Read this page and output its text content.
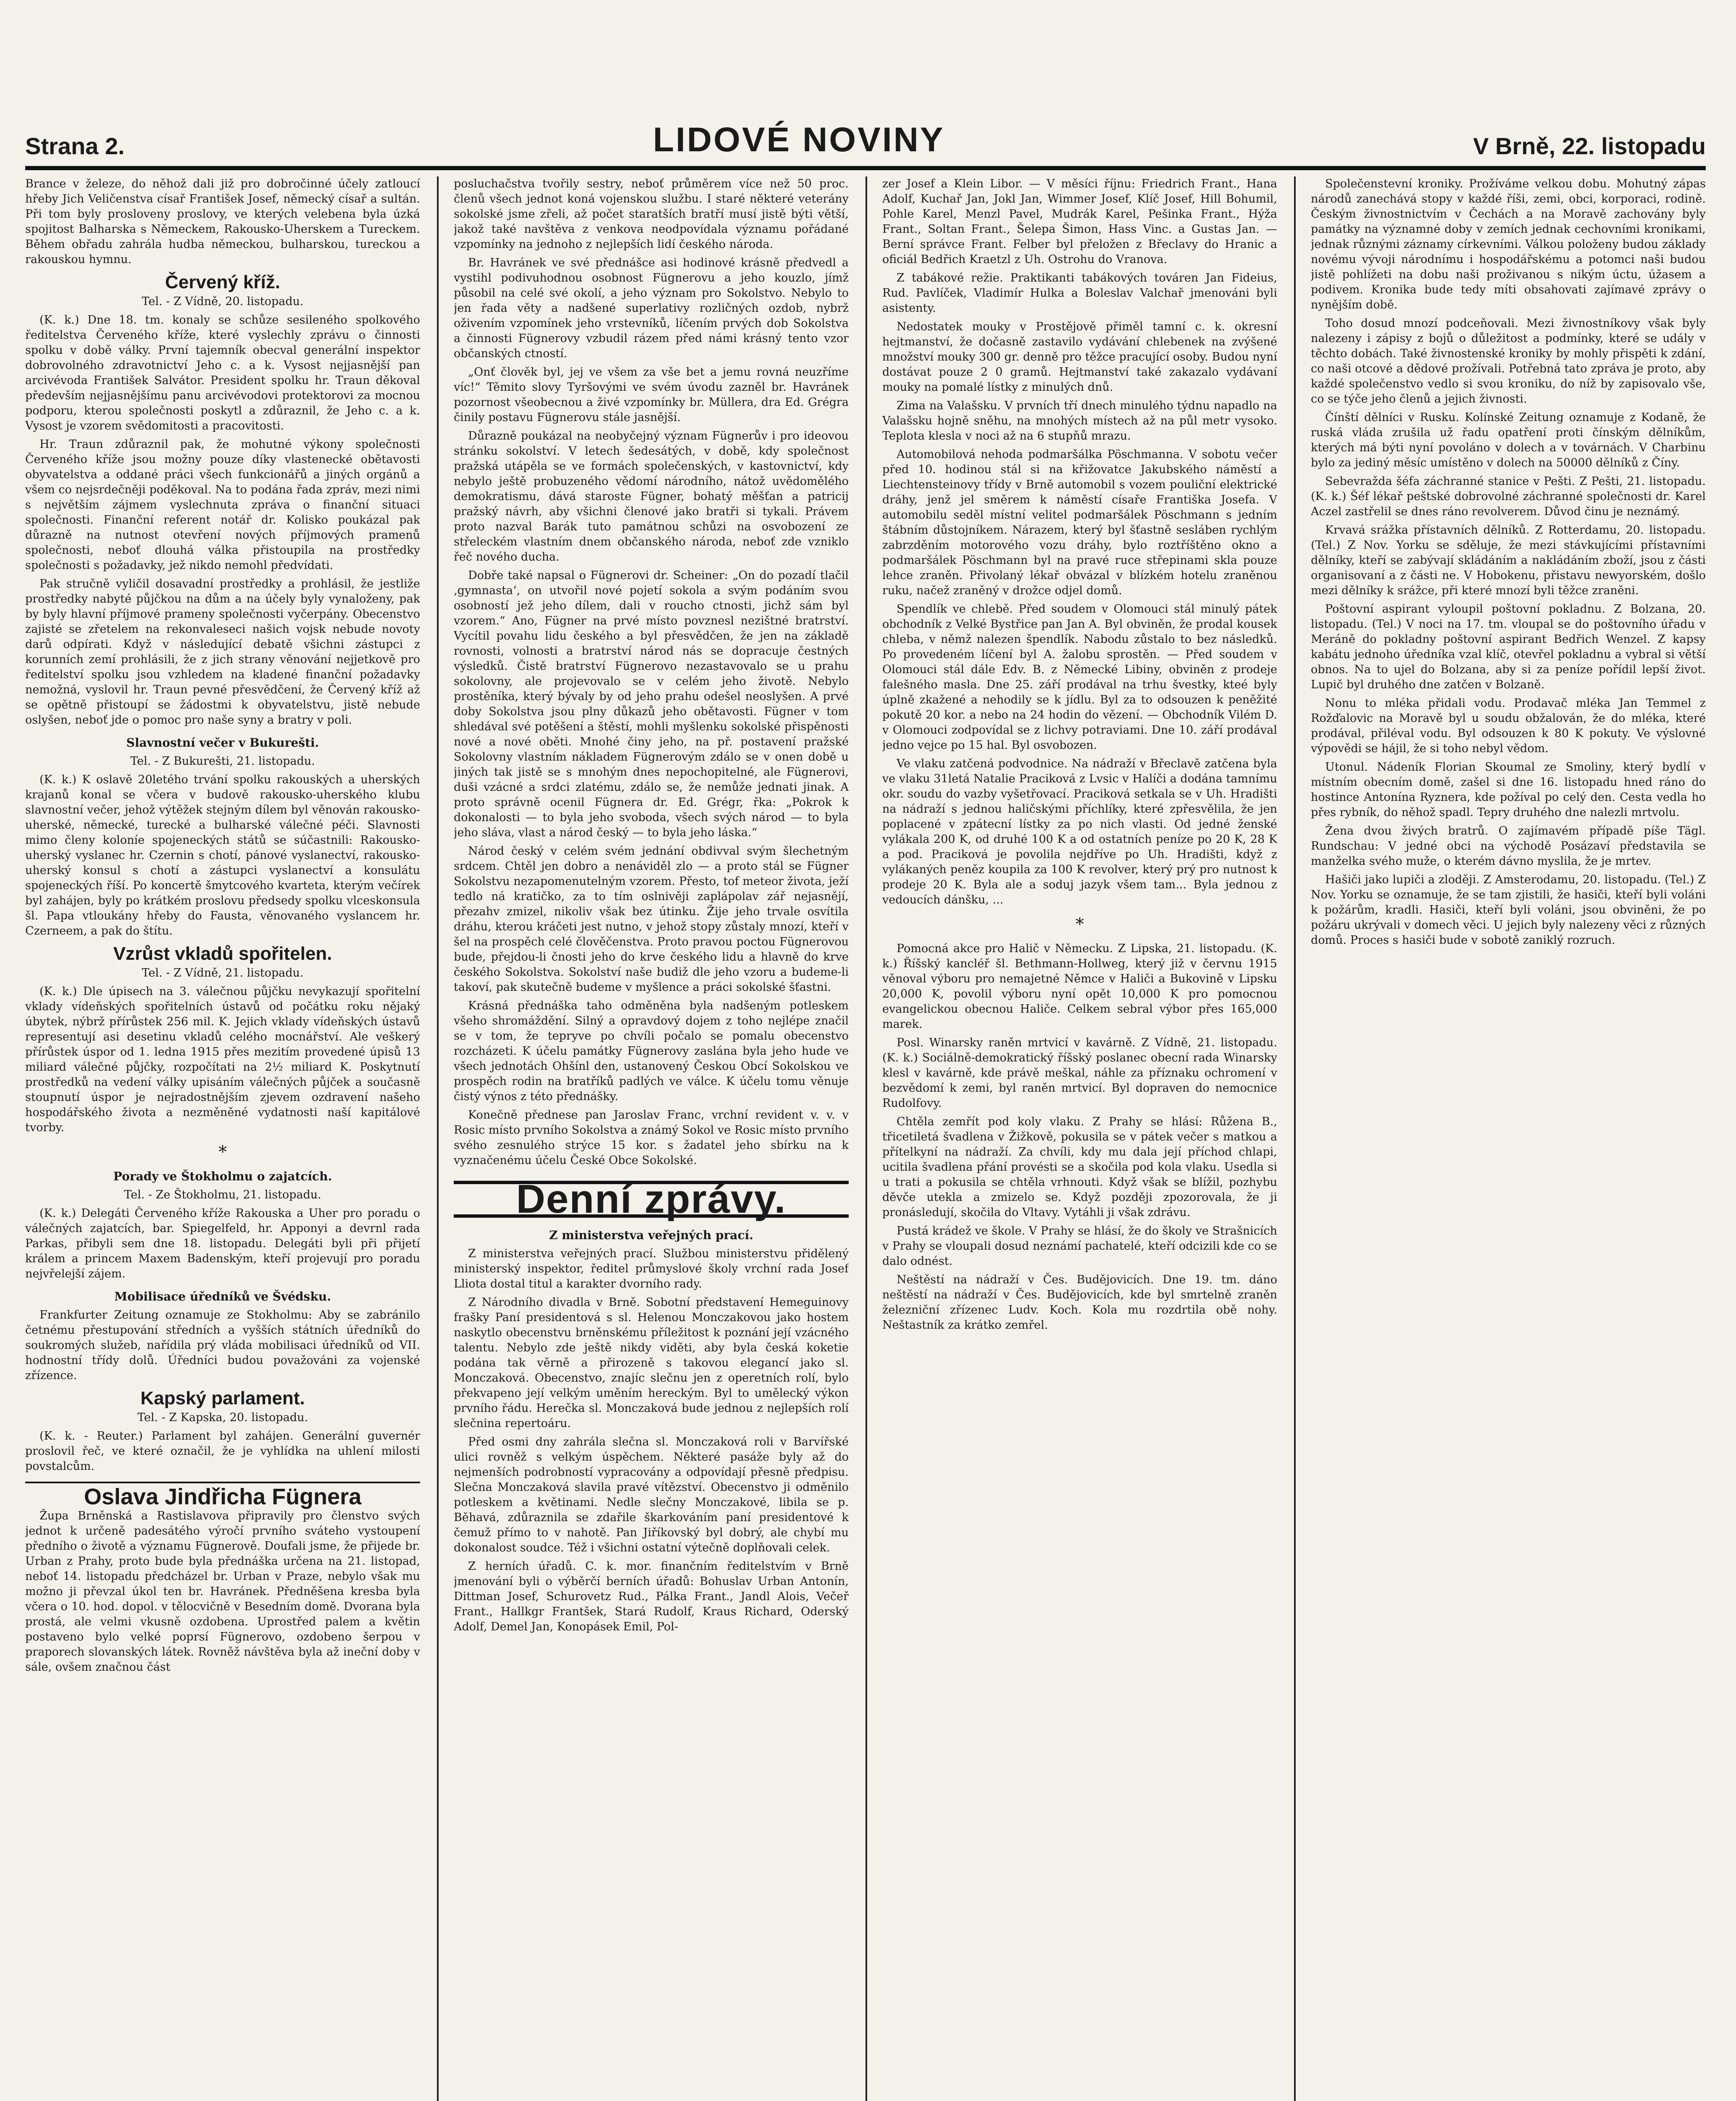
Strana 2.	LIDOVÉ NOVINY	V Brně, 22. listopadu

Brance v železe, do něhož dali již pro dobročinné účely zatloucí hřeby Jich Veličenstva císař František Josef, německý císař a sultán. Při tom byly prosloveny proslovy, ve kterých velebena byla úzká spojitost Balharska s Německem, Rakousko-Uherskem a Tureckem. Během obřadu zahrála hudba německou, bulharskou, tureckou a rakouskou hymnu.

Červený kříž.
Tel. - Z Vídně, 20. listopadu.

(K. k.) Dne 18. tm. konaly se schůze sesileného spolkového ředitelstva Červeného kříže, které vyslechly zprávu o činnosti spolku v době války. První tajemník obecval generální inspektor dobrovolného zdravotnictví Jeho c. a k. Vysost nejjasnější pan arcivévoda František Salvátor. President spolku hr. Traun děkoval především nejjasnějšímu panu arcivévodovi protektorovi za mocnou podporu, kterou společnosti poskytl a zdůraznil, že Jeho c. a k. Vysost je vzorem svědomitosti a pracovitosti.

Hr. Traun zdůraznil pak, že mohutné výkony společnosti Červeného kříže jsou možny pouze díky vlastenecké obětavosti obyvatelstva a oddané práci všech funkcionářů a jiných orgánů a všem co nejsrdečněji poděkoval. Na to podána řada zpráv, mezi nimi s největším zájmem vyslechnuta zpráva o finanční situaci společnosti. Finanční referent notář dr. Kolisko poukázal pak důrazně na nutnost otevření nových příjmových pramenů společnosti, neboť dlouhá válka přistoupila na prostředky společnosti s požadavky, jež nikdo nemohl předvídati.

Pak stručně vyličil dosavadní prostředky a prohlásil, že jestliže prostředky nabyté půjčkou na dům a na účely byly vynaloženy, pak by byly hlavní příjmové prameny společnosti vyčerpány. Obecenstvo zajisté se zřetelem na rekonvaleseci našich vojsk nebude novoty darů odpírati. Když v následující debatě všichni zástupci z korunních zemí prohlásili, že z jich strany věnování nejjetkově pro ředitelství spolku jsou vzhledem na kladené finanční požadavky nemožná, vyslovil hr. Traun pevné přesvědčení, že Červený kříž až se opětně přistoupí se žádostmi k obyvatelstvu, jistě nebude oslyšen, neboť jde o pomoc pro naše syny a bratry v poli.

Slavnostní večer v Bukurešti.
Tel. - Z Bukurešti, 21. listopadu.

(K. k.) K oslavě 20letého trvání spolku rakouských a uherských krajanů konal se včera v budově rakousko-uherského klubu slavnostní večer, jehož výtěžek stejným dílem byl věnován rakousko-uherské, německé, turecké a bulharské válečné péči. Slavnosti mimo členy koloníe spojeneckých států se súčastnili: Rakousko-uherský vyslanec hr. Czernin s chotí, pánové vyslanectví, rakousko-uherský konsul s chotí a zástupci vyslanectví a konsulátu spojeneckých říší. Po koncertě šmytcového kvarteta, kterým večírek byl zahájen, byly po krátkém proslovu předsedy spolku vlceskonsula šl. Papa vtloukány hřeby do Fausta, věnovaného vyslancem hr. Czerneem, a pak do štítu.

Vzrůst vkladů spořitelen.
Tel. - Z Vídně, 21. listopadu.

(K. k.) Dle úpisech na 3. válečnou půjčku nevykazují spořitelní vklady vídeňských spořitelních ústavů od počátku roku nějaký úbytek, nýbrž přírůstek 256 mil. K. Jejich vklady vídeňských ústavů representují asi desetinu vkladů celého mocnářství. Ale veškerý přírůstek úspor od 1. ledna 1915 přes mezitím provedené úpisů 13 miliard válečné půjčky, rozpočítati na 2½ miliard K. Poskytnutí prostředků na vedení války upisáním válečných půjček a současně stoupnutí úspor je nejradostnějším zjevem ozdravení našeho hospodářského života a nezměněné vydatnosti naší kapitálové tvorby.

*
Porady ve Štokholmu o zajatcích.
Tel. - Ze Štokholmu, 21. listopadu.

(K. k.) Delegáti Červeného kříže Rakouska a Uher pro poradu o válečných zajatcích, bar. Spiegelfeld, hr. Apponyi a devrnl rada Parkas, přibyli sem dne 18. listopadu. Delegáti byli při přijetí králem a princem Maxem Badenským, kteří projevují pro poradu nejvřelejší zájem.

Mobilisace úředníků ve Švédsku.

Frankfurter Zeitung oznamuje ze Stokholmu: Aby se zabránilo četnému přestupování středních a vyšších státních úředníků do soukromých služeb, nařídila prý vláda mobilisaci úředníků od VII. hodnostní třídy dolů. Úředníci budou považováni za vojenské zřízence.

Kapský parlament.
Tel. - Z Kapska, 20. listopadu.

(K. k. - Reuter.) Parlament byl zahájen. Generální guvernér proslovil řeč, ve které označil, že je vyhlídka na uhlení milosti povstalcům.

Oslava Jindřicha Fügnera

Župa Brněnská a Rastislavova připravily pro členstvo svých jednot k určeně padesátého výročí prvního sváteho vystoupení předního o životě a významu Fügnerově. Doufali jsme, že přijede br. Urban z Prahy, proto bude byla přednáška určena na 21. listopad, neboť 14. listopadu předcházel br. Urban v Praze, nebylo však mu možno ji převzal úkol ten br. Havránek. Předněšena kresba byla včera o 10. hod. dopol. v tělocvičně v Besedním domě. Dvorana byla prostá, ale velmi vkusně ozdobena. Uprostřed palem a květin postaveno bylo velké poprsí Fügnerovo, ozdobeno šerpou v praporech slovanských látek. Rovněž návštěva byla až ineční doby v sále, ovšem značnou část

posluchačstva tvořily sestry, neboť průměrem více než 50 proc. členů všech jednot koná vojenskou službu. I staré některé veterány sokolské jsme zřeli, až počet staratších bratří musí jistě býti větší, jakož také navštěva z venkova neodpovídala významu pořádané vzpomínky na jednoho z nejlepších lidí českého národa.

Br. Havránek ve své přednášce asi hodinové krásně předvedl a vystihl podivuhodnou osobnost Fügnerovu a jeho kouzlo, jímž působil na celé své okolí, a jeho význam pro Sokolstvo. Nebylo to jen řada věty a nadšené superlativy rozličných ozdob, nybrž oživením vzpomínek jeho vrstevníků, líčením prvých dob Sokolstva a činnosti Fügnerovy vzbudil rázem před námi krásný tento vzor občanských ctností.

„Onť člověk byl, jej ve všem za vše bet a jemu rovná neuzříme víc!“ Těmito slovy Tyršovými ve svém úvodu zazněl br. Havránek pozornost všeobecnou a živé vzpomínky br. Müllera, dra Ed. Grégra činily postavu Fügnerovu stále jasnější.

Důrazně poukázal na neobyčejný význam Fügnerův i pro ideovou stránku sokolství. V letech šedesátých, v době, kdy společnost pražská utápěla se ve formách společenských, v kastovnictví, kdy nebylo ještě probuzeného vědomí národního, nátož uvědomělého demokratismu, dává staroste Fügner, bohatý měšťan a patricij pražský návrh, aby všichni členové jako bratři si tykali. Právem proto nazval Barák tuto památnou schůzi na osvobození ze střeleckém vlastním dnem občanského národa, neboť zde vzniklo řeč nového ducha.

Dobře také napsal o Fügnerovi dr. Scheiner: „On do pozadí tlačil ‚gymnasta‘, on utvořil nové pojetí sokola a svým podáním svou osobností jež jeho dílem, dali v roucho ctnosti, jichž sám byl vzorem.“ Ano, Fügner na prvé místo povznesl nezištné bratrství. Vycítil povahu lidu českého a byl přesvědčen, že jen na základě rovnosti, volnosti a bratrství národ nás se dopracuje čestných výsledků. Čistě bratrství Fügnerovo nezastavovalo se u prahu sokolovny, ale projevovalo se v celém jeho životě. Nebylo prostěníka, který bývaly by od jeho prahu odešel neoslyšen. A prvé doby Sokolstva jsou plny důkazů jeho obětavosti. Fügner v tom shledával své potěšení a štěstí, mohli myšlenku sokolské přispěnosti nové a nové oběti. Mnohé činy jeho, na př. postavení pražské Sokolovny vlastním nákladem Fügnerovým zdálo se v onen době u jiných tak jistě se s mnohým dnes nepochopitelné, ale Fügnerovi, duši vzácné a srdci zlatému, zdálo se, že nemůže jednati jinak. A proto správně ocenil Fügnera dr. Ed. Grégr, řka: „Pokrok k dokonalosti — to byla jeho svoboda, všech svých národ — to byla jeho sláva, vlast a národ český — to byla jeho láska.“

Národ český v celém svém jednání obdivval svým šlechetným srdcem. Chtěl jen dobro a nenáviděl zlo — a proto stál se Fügner Sokolstvu nezapomenutelným vzorem. Přesto, tof meteor života, ježí tedlo ná kratičko, za to tím oslnivěji zaplápolav zář nejasnějí, přezahv zmizel, nikoliv však bez útinku. Žije jeho trvale osvítila dráhu, kterou kráčeti jest nutno, v jehož stopy zůstaly mnozí, kteří v šel na prospěch celé člověčenstva. Proto pravou poctou Fügnerovou bude, přejdou-li čnosti jeho do krve českého lidu a hlavně do krve českého Sokolstva. Sokolství naše budiž dle jeho vzoru a budeme-li takoví, pak skutečně budeme v myšlence a práci sokolské šťastni.

Krásná přednáška taho odměněna byla nadšeným potleskem všeho shromáždění. Silný a opravdový dojem z toho nejlépe značil se v tom, že tepryve po chvíli počalo se pomalu obecenstvo rozcházeti. K účelu památky Fügnerovy zaslána byla jeho hude ve všech jednotách Ohšínl den, ustanovený Českou Obcí Sokolskou ve prospěch rodin na bratříků padlých ve válce. K účelu tomu věnuje čistý výnos z této přednášky.

Konečně přednese pan Jaroslav Franc, vrchní revident v. v. v Rosic místo prvního Sokolstva a známý Sokol ve Rosic místo prvního svého zesnulého strýce 15 kor. s žadatel jeho sbírku na k vyznačenému účelu České Obce Sokolské.

Denní zprávy.
Z ministerstva veřejných prací.

Z ministerstva veřejných prací. Službou ministerstvu přidělený ministerský inspektor, ředitel průmyslové školy vrchní rada Josef Lliota dostal titul a karakter dvorního rady.

Z Národního divadla v Brně. Sobotní představení Hemeguinovy frašky Paní presidentová s sl. Helenou Monczakovou jako hostem naskytlo obecenstvu brněnskému příležitost k poznání její vzácného talentu. Nebylo zde ještě nikdy viděti, aby byla česká koketie podána tak věrně a přirozeně s takovou elegancí jako sl. Monczaková. Obecenstvo, znajíc slečnu jen z operetních rolí, bylo překvapeno její velkým uměním hereckým. Byl to umělecký výkon prvního řádu. Herečka sl. Monczaková bude jednou z nejlepších rolí slečnina repertoáru.

Před osmi dny zahrála slečna sl. Monczaková roli v Barvířské ulici rovněž s velkým úspěchem. Některé pasáže byly až do nejmenších podrobností vypracovány a odpovídají přesně předpisu. Slečna Monczaková slavila pravé vítězství. Obecenstvo ji odměnilo potleskem a květinami. Nedle slečny Monczakové, libila se p. Běhavá, zdůraznila se zdařile škarkováním paní presidentové k čemuž přímo to v nahotě. Pan Jiříkovský byl dobrý, ale chybí mu dokonalost soudce. Též i všichni ostatní výtečně doplňovali celek.

Z herních úřadů. C. k. mor. finančním ředitelstvím v Brně jmenování byli o výběrčí berních úřadů: Bohuslav Urban Antonín, Dittman Josef, Schurovetz Rud., Pálka Frant., Jandl Alois, Večeř Frant., Hallkgr Frantšek, Stará Rudolf, Kraus Richard, Oderský Adolf, Demel Jan, Konopásek Emil, Pol-

zer Josef a Klein Libor. — V měsíci říjnu: Friedrich Frant., Hana Adolf, Kuchař Jan, Jokl Jan, Wimmer Josef, Klíč Josef, Hill Bohumil, Pohle Karel, Menzl Pavel, Mudrák Karel, Pešinka Frant., Hýža Frant., Soltan Frant., Šelepa Šimon, Hass Vinc. a Gustas Jan. — Berní správce Frant. Felber byl přeložen z Břeclavy do Hranic a oficiál Bedřich Kraetzl z Uh. Ostrohu do Vranova.

Z tabákové režie. Praktikanti tabákových továren Jan Fideius, Rud. Pavlíček, Vladimír Hulka a Boleslav Valchař jmenováni byli asistenty.

Nedostatek mouky v Prostějově přiměl tamní c. k. okresní hejtmanství, že dočasně zastavilo vydávání chlebenek na zvýšené množství mouky 300 gr. denně pro těžce pracující osoby. Budou nyní dostávat pouze 2 0 gramů. Hejtmanství také zakazalo vydávaní mouky na pomalé lístky z minulých dnů.

Zima na Valašsku. V prvních tří dnech minulého týdnu napadlo na Valašsku hojně sněhu, na mnohých místech až na půl metr vysoko. Teplota klesla v noci až na 6 stupňů mrazu.

Automobilová nehoda podmaršálka Pöschmanna. V sobotu večer před 10. hodinou stál si na křižovatce Jakubského náměstí a Liechtensteinovy třídy v Brně automobil s vozem pouliční elektrické dráhy, jenž jel směrem k náměstí císaře Františka Josefa. V automobilu seděl místní velitel podmaršálek Pöschmann s jedním štábním důstojníkem. Nárazem, který byl šťastně sesláben rychlým zabrzděním motorového vozu dráhy, bylo roztříštěno okno a podmaršálek Pöschmann byl na pravé ruce střepinami skla pouze lehce zraněn. Přivolaný lékař obvázal v blízkém hotelu zraněnou ruku, načež zraněný v drožce odjel domů.

Spendlík ve chlebě. Před soudem v Olomouci stál minulý pátek obchodník z Velké Bystřice pan Jan A. Byl obviněn, že prodal kousek chleba, v němž nalezen špendlík. Nabodu zůstalo to bez následků. Po provedeném líčení byl A. žalobu sprostěn. — Před soudem v Olomouci stál dále Edv. B. z Německé Libiny, obviněn z prodeje falešného masla. Dne 25. září prodával na trhu švestky, kteé byly úplně zkažené a nehodily se k jídlu. Byl za to odsouzen k peněžité pokutě 20 kor. a nebo na 24 hodin do vězení. — Obchodník Vilém D. v Olomouci zodpovídal se z lichvy potraviami. Dne 10. září prodával jedno vejce po 15 hal. Byl osvobozen.

Ve vlaku zatčená podvodnice. Na nádraží v Břeclavě zatčena byla ve vlaku 31letá Natalie Praciková z Lvsic v Halíči a dodána tamnímu okr. soudu do vazby vyšetřovací. Praciková setkala se v Uh. Hradišti na nádraží s jednou haličskými příchlíky, které zpřesvělila, že jen poplacené v zpátecní lístky za po nich vlasti. Od jedné ženské vylákala 200 K, od druhé 100 K a od ostatních peníze po 20 K, 28 K a pod. Praciková je povolila nejdříve po Uh. Hradišti, když z vylákaných peněz koupila za 100 K revolver, který prý pro nutnost k prodeje 20 K. Byla ale a soduj jazyk všem tam... Byla jednou z vedoucích dánšku, ...

*

Pomocná akce pro Halič v Německu. Z Lipska, 21. listopadu. (K. k.) Říšský kancléř šl. Bethmann-Hollweg, který již v červnu 1915 věnoval výboru pro nemajetné Němce v Haliči a Bukovině v Lipsku 20,000 K, povolil výboru nyní opět 10,000 K pro pomocnou evangelickou obecnou Haliče. Celkem sebral výbor přes 165,000 marek.

Posl. Winarsky raněn mrtvicí v kavárně. Z Vídně, 21. listopadu. (K. k.) Sociálně-demokratický říšský poslanec obecní rada Winarsky klesl v kavárně, kde právě meškal, náhle za příznaku ochromení v bezvědomí k zemi, byl raněn mrtvicí. Byl dopraven do nemocnice Rudolfovy.

Chtěla zemřít pod koly vlaku. Z Prahy se hlásí: Růžena B., třicetiletá švadlena v Žižkově, pokusila se v pátek večer s matkou a přítelkyní na nádraží. Za chvíli, kdy mu dala její příchod chlapi, ucitila švadlena přání provésti se a skočila pod kola vlaku. Usedla si u trati a pokusila se chtěla vrhnouti. Když však se blížil, pozhybu děvče utekla a zmizelo se. Když později zpozorovala, že ji pronásledují, skočila do Vltavy. Vytáhli ji však zdrávu.

Pustá krádež ve škole. V Prahy se hlásí, že do školy ve Strašnicích v Prahy se vloupali dosud neznámí pachatelé, kteří odcizili kde co se dalo odnést.

Neštěstí na nádraží v Čes. Budějovicích. Dne 19. tm. dáno neštěstí na nádraží v Čes. Budějovicích, kde byl smrtelně zraněn železniční zřízenec Ludv. Koch. Kola mu rozdrtila obě nohy. Neštastník za krátko zemřel.

Společenstevní kroniky. Prožíváme velkou dobu. Mohutný zápas národů zanechává stopy v každé říši, zemi, obci, korporaci, rodině. Českým živnostnictvím v Čechách a na Moravě zachovány byly památky na významné doby v zemích jednak cechovními kronikami, jednak různými záznamy církevními. Válkou položeny budou základy novému vývoji národnímu i hospodářskému a potomci naši budou jistě pohlížeti na dobu naši proživanou s nikým úctu, úžasem a podivem. Kronika bude tedy míti obsahovati zajímavé zprávy o nynějším době.

Toho dosud mnozí podceňovali. Mezi živnostníkovy však byly nalezeny i zápisy z bojů o důležitost a podmínky, které se udály v těchto dobách. Také živnostenské kroniky by mohly přispěti k zdání, co naši otcové a dědové prožívali. Potřebná tato zpráva je proto, aby každé společenstvo vedlo si svou kroniku, do níž by zapisovalo vše, co se týče jeho členů a jejich živnosti.

Čínští dělníci v Rusku. Kolínské Zeitung oznamuje z Kodaně, že ruská vláda zrušila už řadu opatření proti čínským dělníkům, kterých má býti nyní povoláno v dolech a v továrnách. V Charbinu bylo za jediný měsíc umístěno v dolech na 50000 dělníků z Číny.

Sebevražda šéfa záchranné stanice v Pešti. Z Pešti, 21. listopadu. (K. k.) Šéf lékař peštské dobrovolné záchranné společnosti dr. Karel Aczel zastřelil se dnes ráno revolverem. Důvod činu je neznámý.

Krvavá srážka přístavních dělníků. Z Rotterdamu, 20. listopadu. (Tel.) Z Nov. Yorku se sděluje, že mezi stávkujícími přístavními dělníky, kteří se zabývají skládáním a nakládáním zboží, jsou z části organisovaní a z části ne. V Hobokenu, přistavu newyorském, došlo mezi dělníky k srážce, při které mnozí byli těžce zraněni.

Poštovní aspirant vyloupil poštovní pokladnu. Z Bolzana, 20. listopadu. (Tel.) V noci na 17. tm. vloupal se do poštovního úřadu v Meráně do pokladny poštovní aspirant Bedřich Wenzel. Z kapsy kabátu jednoho úředníka vzal klíč, otevřel pokladnu a vybral si větší obnos. Na to ujel do Bolzana, aby si za peníze pořídil lepší život. Lupič byl druhého dne zatčen v Bolzaně.

Nonu to mléka přidali vodu. Prodavač mléka Jan Temmel z Rožďalovic na Moravě byl u soudu obžalován, že do mléka, které prodával, přiléval vodu. Byl odsouzen k 80 K pokuty. Ve výslovné výpovědi se hájil, že si toho nebyl vědom.

Utonul. Nádeník Florian Skoumal ze Smoliny, který bydlí v místním obecním domě, zašel si dne 16. listopadu hned ráno do hostince Antonína Ryznera, kde požíval po celý den. Cesta vedla ho přes rybník, do něhož spadl. Tepry druhého dne nalezli mrtvolu.

Žena dvou živých bratrů. O zajímavém případě píše Tägl. Rundschau: V jedné obci na východě Posázaví představila se manželka svého muže, o kterém dávno myslila, že je mrtev.

Hašiči jako lupiči a zloději. Z Amsterodamu, 20. listopadu. (Tel.) Z Nov. Yorku se oznamuje, že se tam zjistili, že hasiči, kteří byli voláni k požárům, kradli. Hasiči, kteří byli voláni, jsou obviněni, že po požáru ukrývali v domech věci. U jejich byly nalezeny věci z různých domů. Proces s hasiči bude v sobotě zaniklý rozruch.
